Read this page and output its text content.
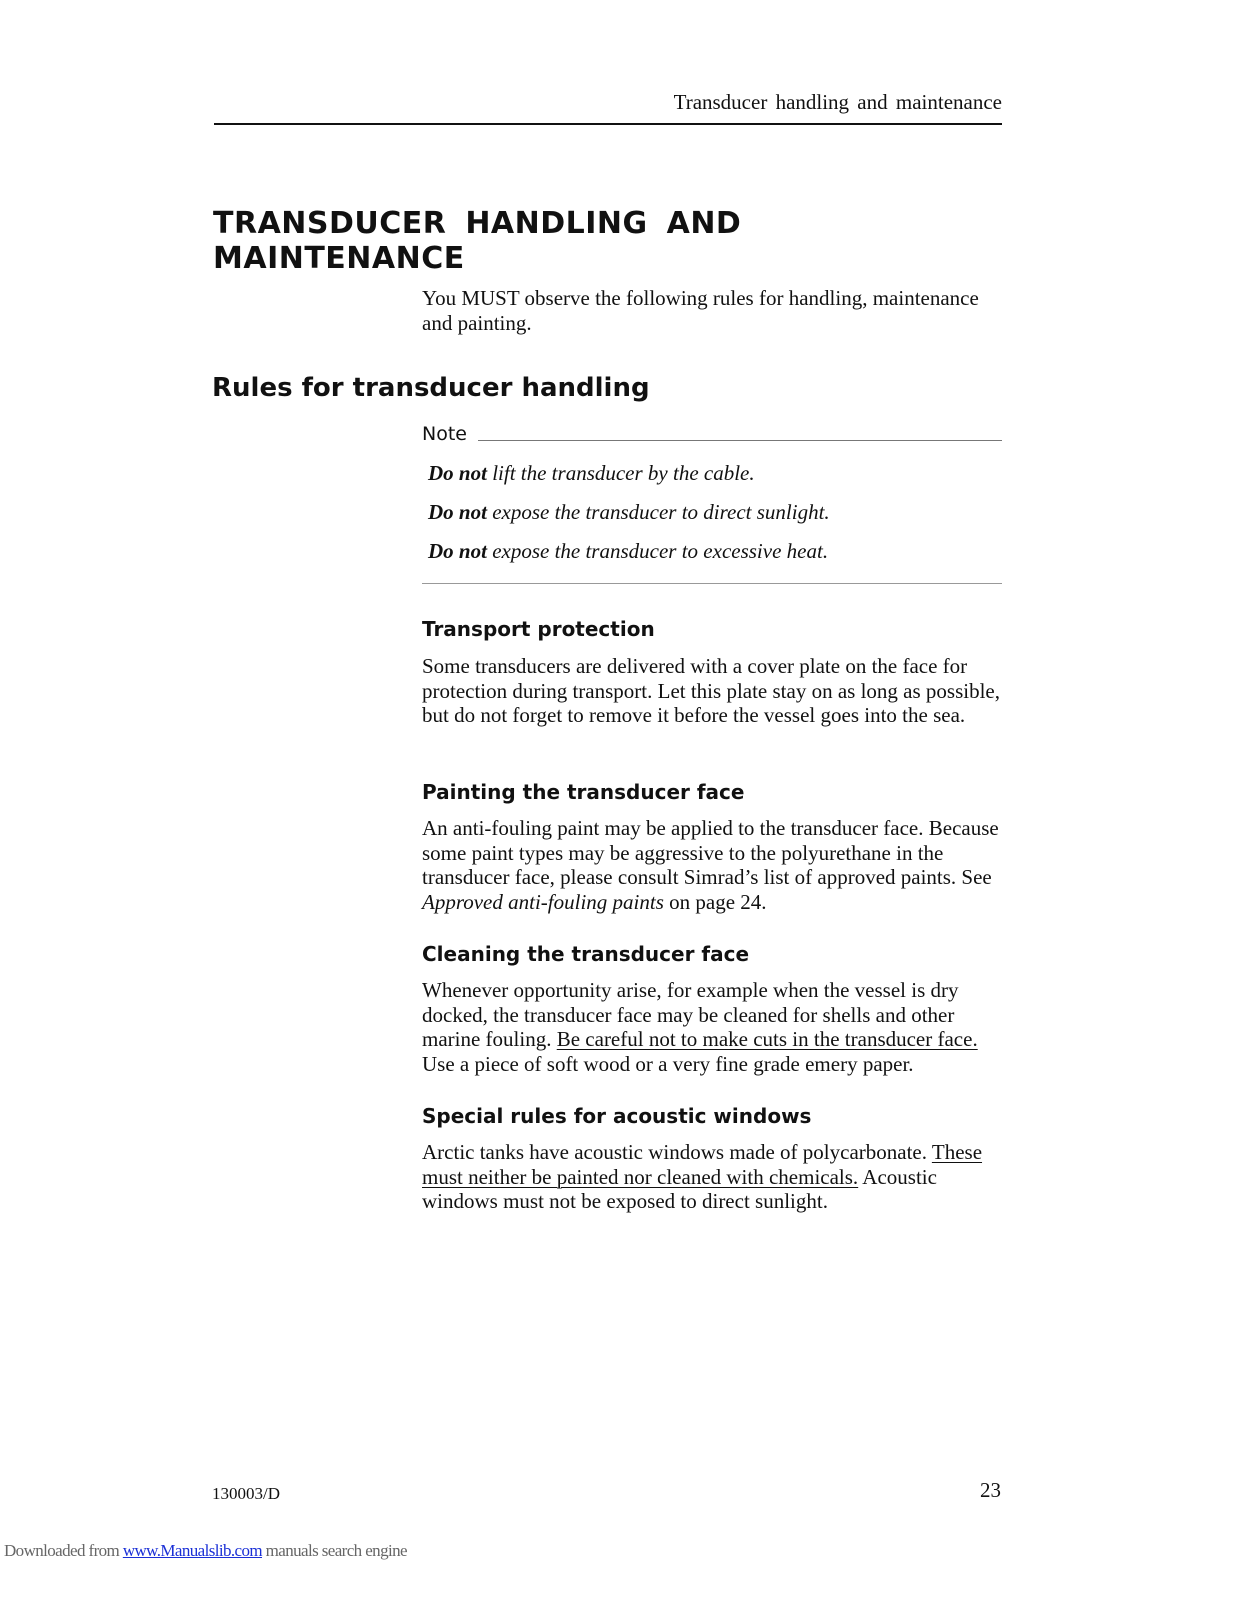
Transducer handling and maintenance
TRANSDUCER HANDLING AND MAINTENANCE

You MUST observe the following rules for handling, maintenance and painting.

Rules for transducer handling
Note
Do not lift the transducer by the cable.
Do not expose the transducer to direct sunlight.
Do not expose the transducer to excessive heat.
Transport protection

Some transducers are delivered with a cover plate on the face for protection during transport. Let this plate stay on as long as possible, but do not forget to remove it before the vessel goes into the sea.

Painting the transducer face

An anti-fouling paint may be applied to the transducer face. Because some paint types may be aggressive to the polyurethane in the transducer face, please consult Simrad’s list of approved paints. See Approved anti-fouling paints on page 24.

Cleaning the transducer face

Whenever opportunity arise, for example when the vessel is dry docked, the transducer face may be cleaned for shells and other marine fouling. Be careful not to make cuts in the transducer face. Use a piece of soft wood or a very fine grade emery paper.

Special rules for acoustic windows

Arctic tanks have acoustic windows made of polycarbonate. These must neither be painted nor cleaned with chemicals. Acoustic windows must not be exposed to direct sunlight.

130003/D	23
Downloaded from www.Manualslib.com manuals search engine
